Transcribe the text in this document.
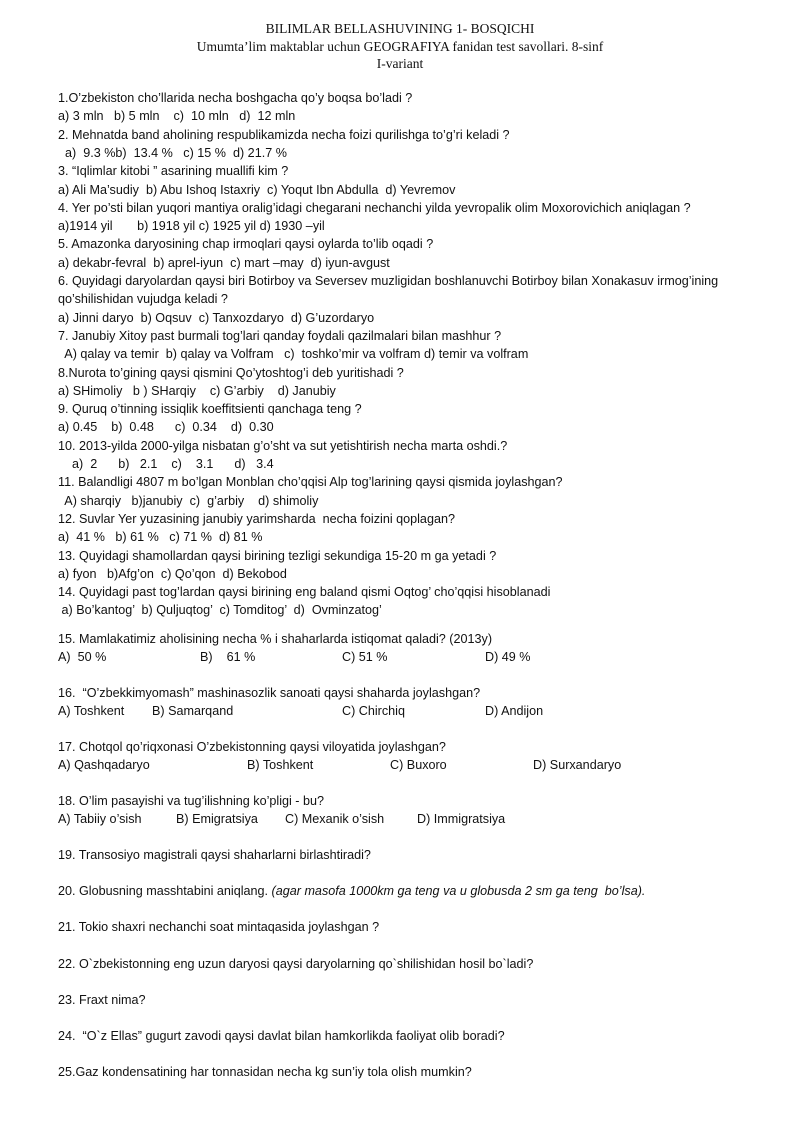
BILIMLAR BELLASHUVINING 1- BOSQICHI
Umumta’lim maktablar uchun GEOGRAFIYA fanidan test savollari. 8-sinf
I-variant
1.O’zbekiston cho’llarida necha boshgacha qo’y boqsa bo’ladi ?
a) 3 mln   b) 5 mln    c)  10 mln   d)  12 mln
2. Mehnatda band aholining respublikamizda necha foizi qurilishga to’g’ri keladi ?
a)  9.3 %b)  13.4 %   c) 15 %  d) 21.7 %
3. “Iqlimlar kitobi ” asarining muallifi kim ?
a) Ali Ma’sudiy  b) Abu Ishoq Istaxriy  c) Yoqut Ibn Abdulla  d) Yevremov
4. Yer po’sti bilan yuqori mantiya oralig’idagi chegarani nechanchi yilda yevropalik olim Moxorovichich aniqlagan ?
a)1914 yil       b) 1918 yil c) 1925 yil d) 1930 –yil
5. Amazonka daryosining chap irmoqlari qaysi oylarda to’lib oqadi ?
a) dekabr-fevral  b) aprel-iyun  c) mart –may  d) iyun-avgust
6. Quyidagi daryolardan qaysi biri Botirboy va Seversev muzligidan boshlanuvchi Botirboy bilan Xonakasuv irmog’ining
qo’shilishidan vujudga keladi ?
a) Jinni daryo  b) Oqsuv  c) Tanxozdaryo  d) G’uzordaryo
7. Janubiy Xitoy past burmali tog’lari qanday foydali qazilmalari bilan mashhur ?
A) qalay va temir  b) qalay va Volfram   c)  toshko’mir va volfram d) temir va volfram
8.Nurota to’gining qaysi qismini Qo’ytoshtog’i deb yuritishadi ?
a) SHimoliy   b ) SHarqiy    c) G’arbiy    d) Janubiy
9. Quruq o’tinning issiqlik koeffitsienti qanchaga teng ?
a) 0.45    b)  0.48      c)  0.34    d)  0.30
10. 2013-yilda 2000-yilga nisbatan g’o’sht va sut yetishtirish necha marta oshdi.?
a)  2      b)   2.1    c)    3.1      d)   3.4
11. Balandligi 4807 m bo’lgan Monblan cho’qqisi Alp tog’larining qaysi qismida joylashgan?
A) sharqiy   b)janubiy  c)  g’arbiy    d) shimoliy
12. Suvlar Yer yuzasining janubiy yarimsharda  necha foizini qoplagan?
a)  41 %   b) 61 %   c) 71 %  d) 81 %
13. Quyidagi shamollardan qaysi birining tezligi sekundiga 15-20 m ga yetadi ?
a) fyon   b)Afg’on  c) Qo’qon  d) Bekobod
14. Quyidagi past tog’lardan qaysi birining eng baland qismi Oqtog’ cho’qqisi hisoblanadi
a) Bo’kantog’  b) Quljuqtog’  c) Tomditog’  d)  Ovminzatog’
15. Mamlakatimiz aholisining necha % i shaharlarda istiqomat qaladi? (2013y)
A)  50 %	B)    61 %	C) 51 %	D) 49 %
16.  “O’zbekkimyomash” mashinasozlik sanoati qaysi shaharda joylashgan?
A) Toshkent B) Samarqand	C) Chirchiq	D) Andijon
17. Chotqol qo’riqxonasi O’zbekistonning qaysi viloyatida joylashgan?
A) Qashqadaryo	B) Toshkent	C) Buxoro	D) Surxandaryo
18. O’lim pasayishi va tug’ilishning ko’pligi - bu?
A) Tabiiy o’sish	B) Emigratsiya C) Mexanik o’sish	D) Immigratsiya
19. Transosiyo magistrali qaysi shaharlarni birlashtiradi?
20. Globusning masshtabini aniqlang. (agar masofa 1000km ga teng va u globusda 2 sm ga teng  bo’lsa).
21. Tokio shaxri nechanchi soat mintaqasida joylashgan ?
22. O`zbekistonning eng uzun daryosi qaysi daryolarning qo`shilishidan hosil bo`ladi?
23. Fraxt nima?
24.  “O`z Ellas” gugurt zavodi qaysi davlat bilan hamkorlikda faoliyat olib boradi?
25.Gaz kondensatining har tonnasidan necha kg sun’iy tola olish mumkin?
